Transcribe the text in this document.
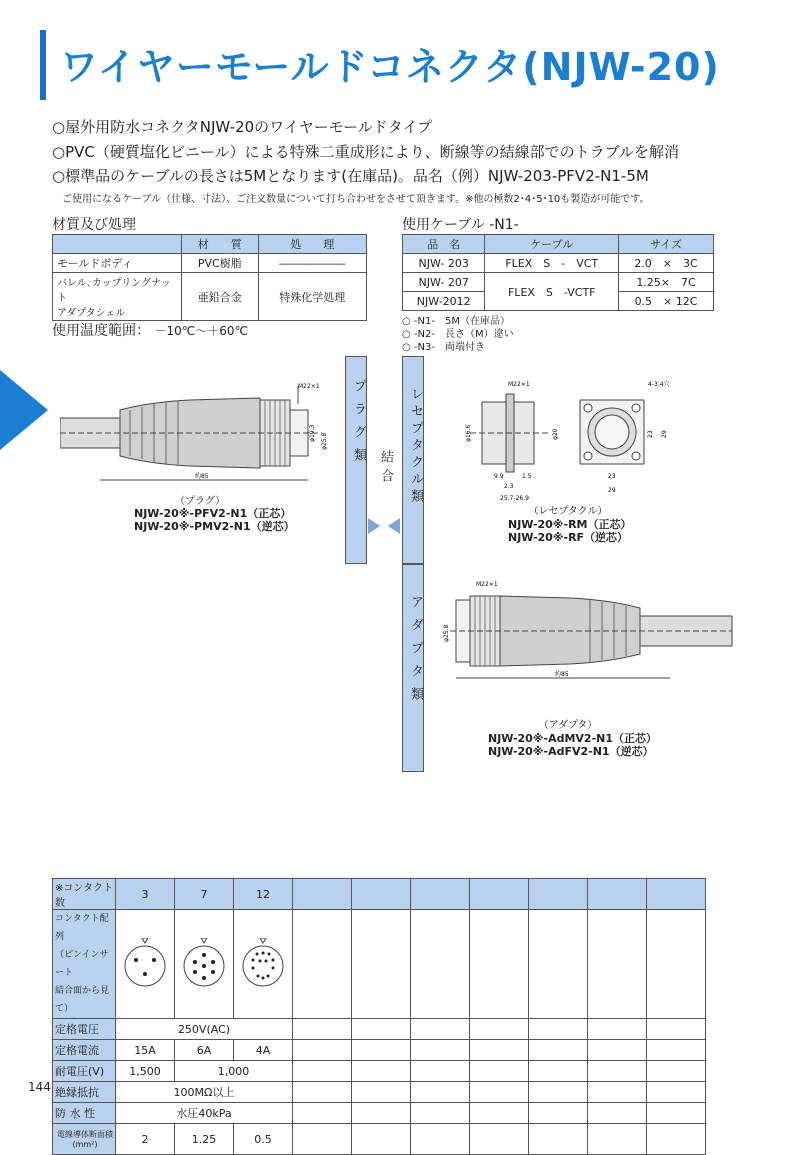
ワイヤーモールドコネクタ(NJW-20)
○屋外用防水コネクタNJW-20のワイヤーモールドタイプ
○PVC（硬質塩化ビニール）による特殊二重成形により、断線等の結線部でのトラブルを解消
○標準品のケーブルの長さは5Mとなります(在庫品)。品名（例）NJW-203-PFV2-N1-5M
ご使用になるケーブル（仕様、寸法）、ご注文数量について打ち合わせをさせて頂きます。※他の極数2･4･5･10も製造が可能です。
材質及び処理
	材　　質	処　　理
モールドボディ	PVC樹脂	――――――
バレル､カップリングナット
アダプタシェル	亜鉛合金	特殊化学処理
使用ケーブル -N1-
品　名	ケーブル	サイズ
NJW- 203	FLEX　S　-　VCT	2.0　×　3C
NJW- 207	FLEX　S　-VCTF	1.25×　7C
NJW-2012		0.5　× 12C
使用温度範囲： －10℃～＋60℃
○ -N1-　5M（在庫品）
○ -N2-　長さ（M）違い
○ -N3-　両端付き
プラグ類 結合	レセプタクル類
アダプタ類
M22×1
φ19.3 φ25.8
約85
（プラグ）
NJW-20※-PFV2-N1（正芯）
NJW-20※-PMV2-N1（逆芯）
M22×1
φ16.6	φ20
9.9	1.5
2.3
25.7-26.9
4-3.4穴
23 29
23
29
（レセプタクル）
NJW-20※-RM（正芯）
NJW-20※-RF（逆芯）
M22×1
φ25.8
約85
（アダプタ）
NJW-20※-AdMV2-N1（正芯）
NJW-20※-AdFV2-N1（逆芯）
※コンタクト数	3	7	12							
コンタクト配列
（ピンインサート
結合面から見て）										
定格電圧	250V(AC)									
定格電流	15A	6A	4A							
耐電圧(V)	1,500	1,000								
絶縁抵抗	100MΩ以上									
防 水 性	水圧40kPa									
電線導体断面積
(mm²)	2	1.25	0.5							
144
